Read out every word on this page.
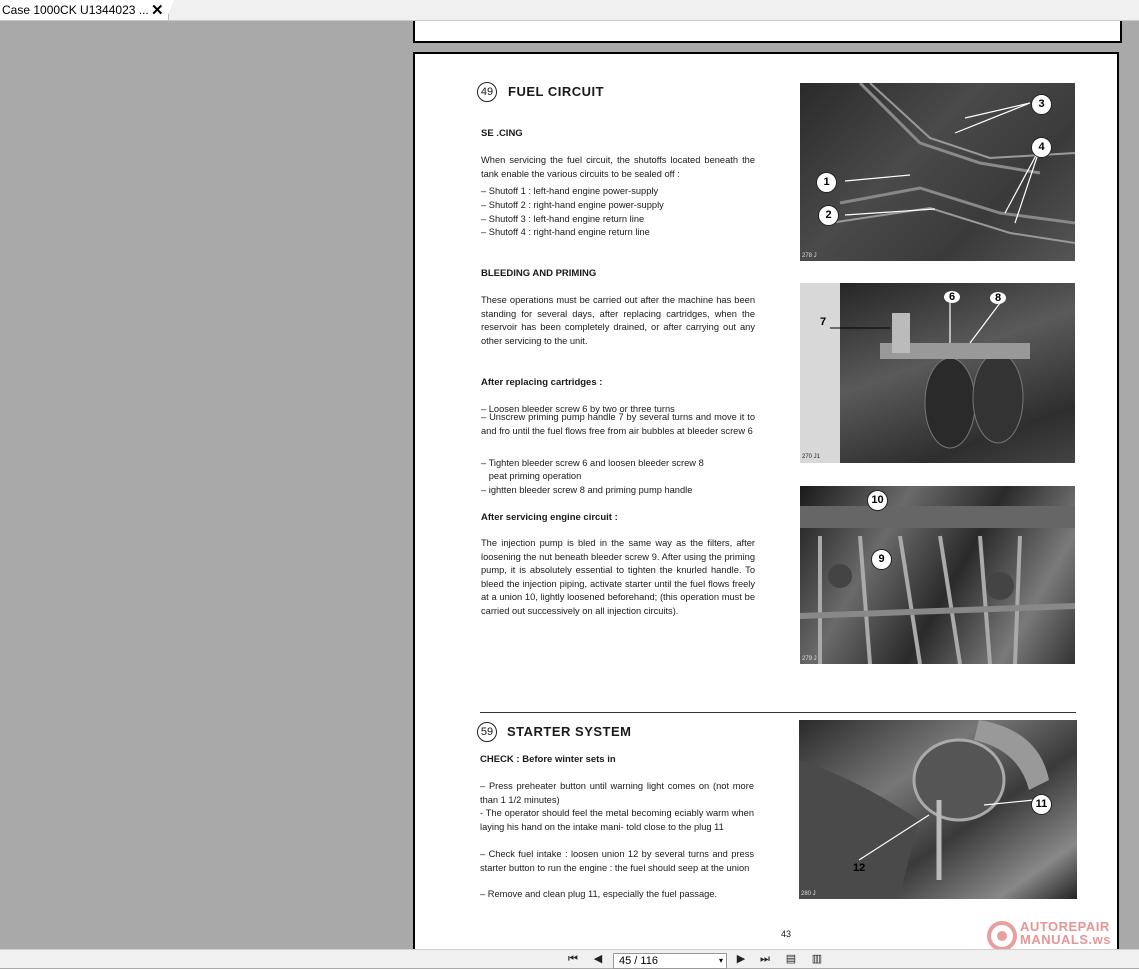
Case 1000CK U1344023 ... ✕
49 FUEL CIRCUIT
SE .CING

When servicing the fuel circuit, the shutoffs located beneath the tank enable the various circuits to be sealed off :

– Shutoff 1 : left-hand engine power-supply
– Shutoff 2 : right-hand engine power-supply
– Shutoff 3 : left-hand engine return line
– Shutoff 4 : right-hand engine return line
BLEEDING AND PRIMING

These operations must be carried out after the machine has been standing for several days, after replacing cartridges, when the reservoir has been completely drained, or after carrying out any other servicing to the unit.

After replacing cartridges :
– Loosen bleeder screw 6 by two or three turns

– Unscrew priming pump handle 7 by several turns and move it to and fro until the fuel flows free from air bubbles at bleeder screw 6

– Tighten bleeder screw 6 and loosen bleeder screw 8
peat priming operation
– ightten bleeder screw 8 and priming pump handle
After servicing engine circuit :

The injection pump is bled in the same way as the filters, after loosening the nut beneath bleeder screw 9. After using the priming pump, it is absolutely essential to tighten the knurled handle. To bleed the injection piping, activate starter until the fuel flows freely at a union 10, lightly loosened beforehand; (this operation must be carried out successively on all injection circuits).

1
2
3
4
278 J
6
7
8
270 J1
10
9
279 J
59 STARTER SYSTEM
CHECK : Before winter sets in

– Press preheater button until warning light comes on (not more than 1 1/2 minutes)

- The operator should feel the metal becoming eciably warm when laying his hand on the intake mani- told close to the plug 11

– Check fuel intake : loosen union 12 by several turns and press starter button to run the engine : the fuel should seep at the union

– Remove and clean plug 11, especially the fuel passage.
11
12
280 J
43	AUTOREPAIR
MANUALS.ws
⏮	◀	45 / 116	▾	▶	⏭ ▤ ▥
